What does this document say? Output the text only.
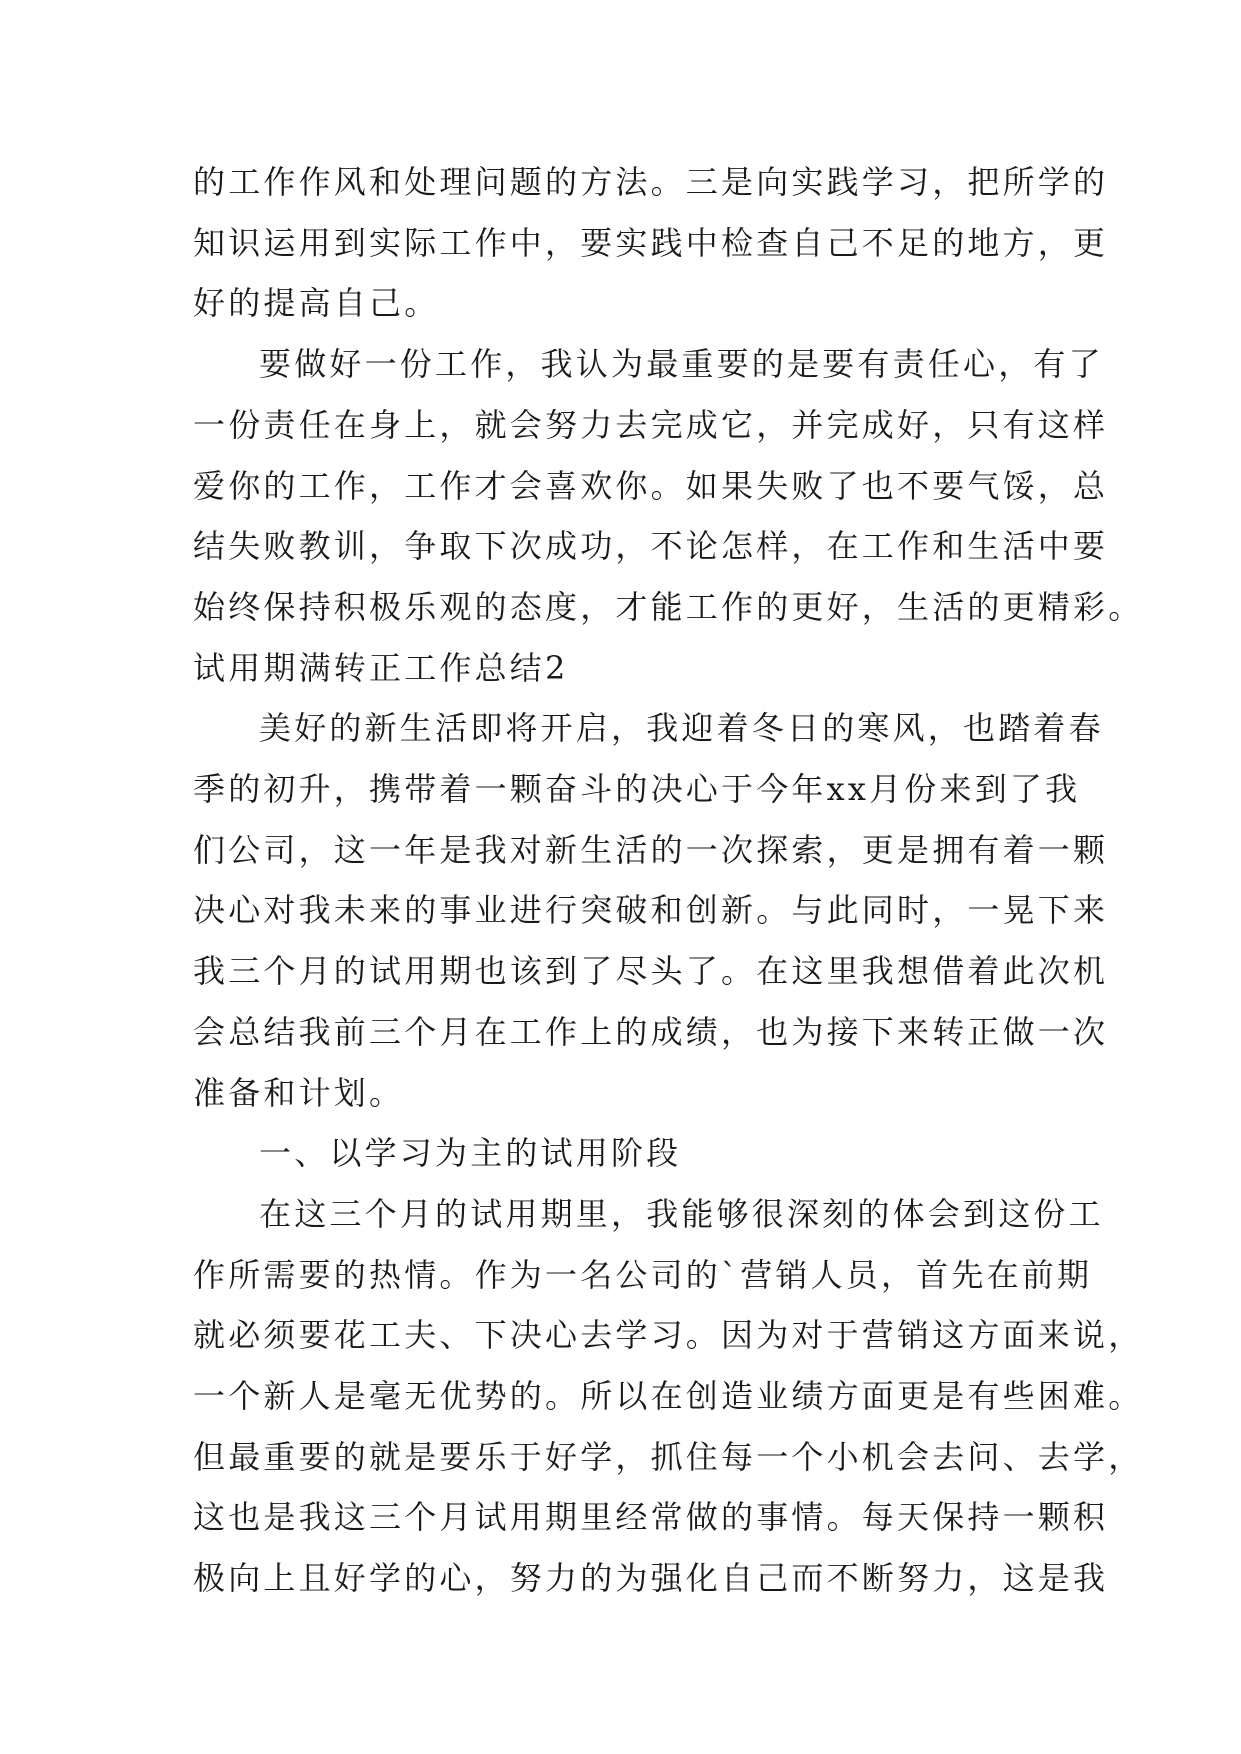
的工作作风和处理问题的方法。三是向实践学习，把所学的
知识运用到实际工作中，要实践中检查自己不足的地方，更
好的提高自己。

要做好一份工作，我认为最重要的是要有责任心，有了
一份责任在身上，就会努力去完成它，并完成好，只有这样
爱你的工作，工作才会喜欢你。如果失败了也不要气馁，总
结失败教训，争取下次成功，不论怎样，在工作和生活中要
始终保持积极乐观的态度，才能工作的更好，生活的更精彩。

试用期满转正工作总结2

美好的新生活即将开启，我迎着冬日的寒风，也踏着春
季的初升，携带着一颗奋斗的决心于今年xx月份来到了我
们公司，这一年是我对新生活的一次探索，更是拥有着一颗
决心对我未来的事业进行突破和创新。与此同时，一晃下来
我三个月的试用期也该到了尽头了。在这里我想借着此次机
会总结我前三个月在工作上的成绩，也为接下来转正做一次
准备和计划。

一、以学习为主的试用阶段

在这三个月的试用期里，我能够很深刻的体会到这份工
作所需要的热情。作为一名公司的`营销人员，首先在前期
就必须要花工夫、下决心去学习。因为对于营销这方面来说，
一个新人是毫无优势的。所以在创造业绩方面更是有些困难。
但最重要的就是要乐于好学，抓住每一个小机会去问、去学，
这也是我这三个月试用期里经常做的事情。每天保持一颗积
极向上且好学的心，努力的为强化自己而不断努力，这是我
